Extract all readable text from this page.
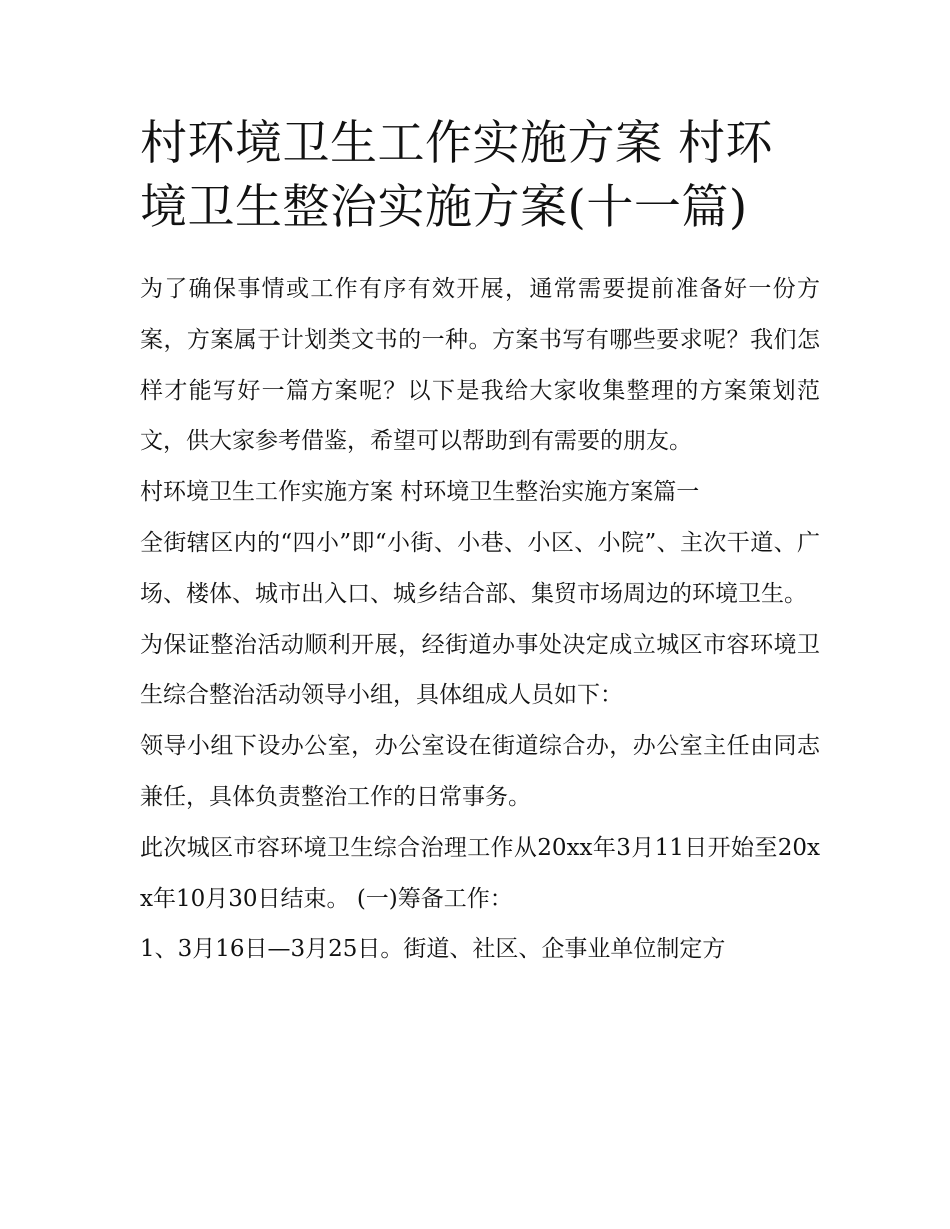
村环境卫生工作实施方案 村环境卫生整治实施方案(十一篇)

为了确保事情或工作有序有效开展，通常需要提前准备好一份方案，方案属于计划类文书的一种。方案书写有哪些要求呢？我们怎样才能写好一篇方案呢？以下是我给大家收集整理的方案策划范文，供大家参考借鉴，希望可以帮助到有需要的朋友。

村环境卫生工作实施方案 村环境卫生整治实施方案篇一

全街辖区内的“四小”即“小街、小巷、小区、小院”、主次干道、广场、楼体、城市出入口、城乡结合部、集贸市场周边的环境卫生。

为保证整治活动顺利开展，经街道办事处决定成立城区市容环境卫生综合整治活动领导小组，具体组成人员如下：

领导小组下设办公室，办公室设在街道综合办，办公室主任由同志兼任，具体负责整治工作的日常事务。

此次城区市容环境卫生综合治理工作从20xx年3月11日开始至20xx年10月30日结束。 (一)筹备工作：

1、3月16日—3月25日。街道、社区、企事业单位制定方
